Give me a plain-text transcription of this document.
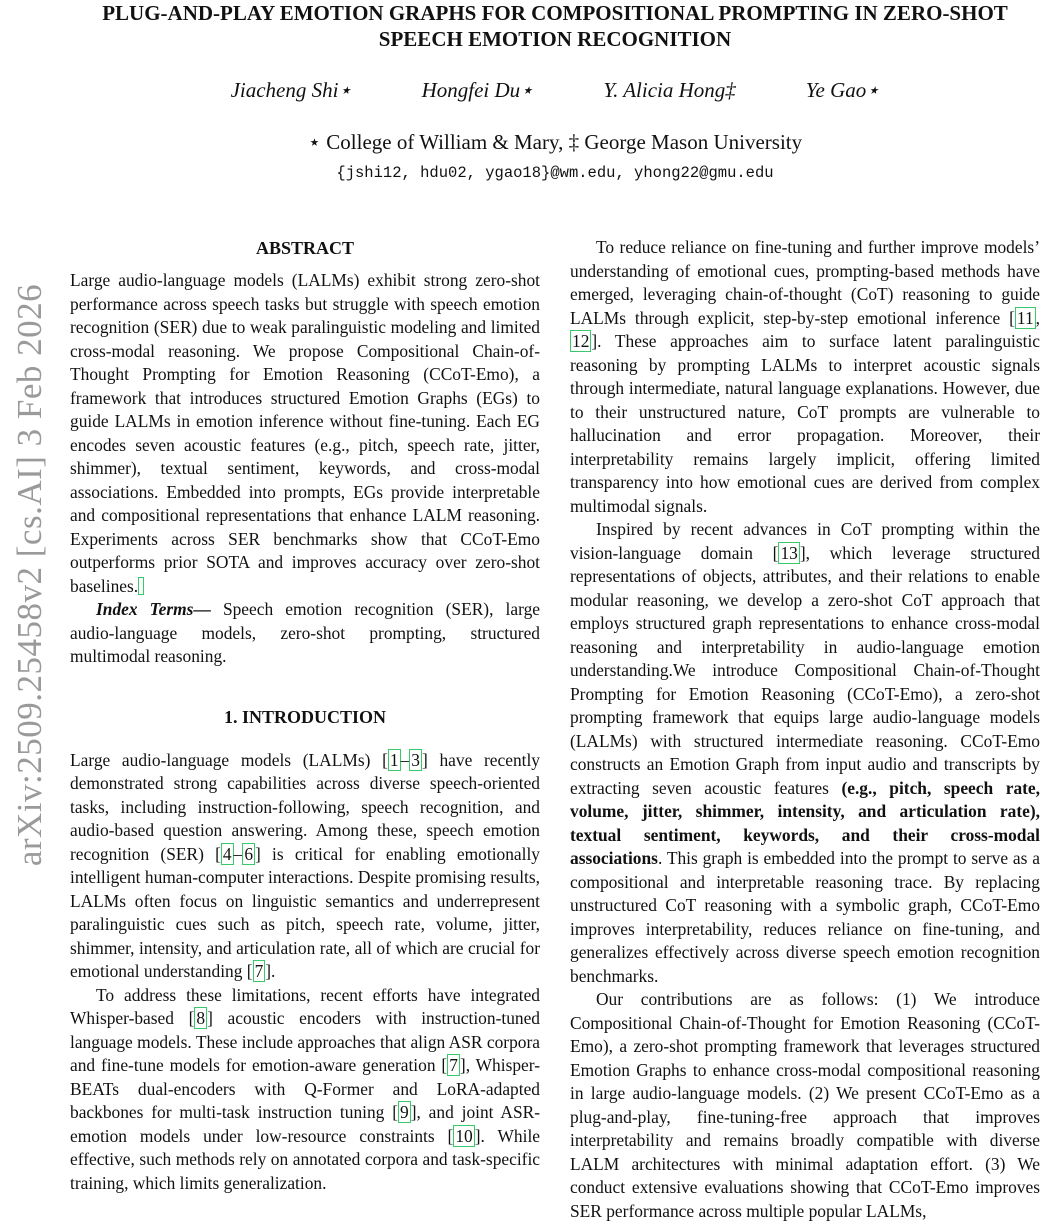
arXiv:2509.25458v2 [cs.AI] 3 Feb 2026
PLUG-AND-PLAY EMOTION GRAPHS FOR COMPOSITIONAL PROMPTING IN ZERO-SHOT
SPEECH EMOTION RECOGNITION
Jiacheng Shi⋆	Hongfei Du⋆	Y. Alicia Hong‡	Ye Gao⋆
⋆ College of William & Mary, ‡ George Mason University
{jshi12, hdu02, ygao18}@wm.edu, yhong22@gmu.edu
ABSTRACT

Large audio-language models (LALMs) exhibit strong zero-shot performance across speech tasks but struggle with speech emotion recognition (SER) due to weak paralinguistic modeling and limited cross-modal reasoning. We propose Compositional Chain-of-Thought Prompting for Emotion Reasoning (CCoT-Emo), a framework that introduces structured Emotion Graphs (EGs) to guide LALMs in emotion inference without fine-tuning. Each EG encodes seven acoustic features (e.g., pitch, speech rate, jitter, shimmer), textual sentiment, keywords, and cross-modal associations. Embedded into prompts, EGs provide interpretable and compositional representations that enhance LALM reasoning. Experiments across SER benchmarks show that CCoT-Emo outperforms prior SOTA and improves accuracy over zero-shot baselines.

Index Terms— Speech emotion recognition (SER), large audio-language models, zero-shot prompting, structured multimodal reasoning.

1. INTRODUCTION

Large audio-language models (LALMs) [ 1 – 3 ] have recently demonstrated strong capabilities across diverse speech-oriented tasks, including instruction-following, speech recognition, and audio-based question answering. Among these, speech emotion recognition (SER) [ 4 – 6 ] is critical for enabling emotionally intelligent human-computer interactions. Despite promising results, LALMs often focus on linguistic semantics and underrepresent paralinguistic cues such as pitch, speech rate, volume, jitter, shimmer, intensity, and articulation rate, all of which are crucial for emotional understanding [ 7 ].

To address these limitations, recent efforts have integrated Whisper-based [ 8 ] acoustic encoders with instruction-tuned language models. These include approaches that align ASR corpora and fine-tune models for emotion-aware generation [ 7 ], Whisper-BEATs dual-encoders with Q-Former and LoRA-adapted backbones for multi-task instruction tuning [ 9 ], and joint ASR-emotion models under low-resource constraints [ 10 ]. While effective, such methods rely on annotated corpora and task-specific training, which limits generalization.

To reduce reliance on fine-tuning and further improve models’ understanding of emotional cues, prompting-based methods have emerged, leveraging chain-of-thought (CoT) reasoning to guide LALMs through explicit, step-by-step emotional inference [ 11 , 12 ]. These approaches aim to surface latent paralinguistic reasoning by prompting LALMs to interpret acoustic signals through intermediate, natural language explanations. However, due to their unstructured nature, CoT prompts are vulnerable to hallucination and error propagation. Moreover, their interpretability remains largely implicit, offering limited transparency into how emotional cues are derived from complex multimodal signals.

Inspired by recent advances in CoT prompting within the vision-language domain [ 13 ], which leverage structured representations of objects, attributes, and their relations to enable modular reasoning, we develop a zero-shot CoT approach that employs structured graph representations to enhance cross-modal reasoning and interpretability in audio-language emotion understanding.We introduce Compositional Chain-of-Thought Prompting for Emotion Reasoning (CCoT-Emo), a zero-shot prompting framework that equips large audio-language models (LALMs) with structured intermediate reasoning. CCoT-Emo constructs an Emotion Graph from input audio and transcripts by extracting seven acoustic features (e.g., pitch, speech rate, volume, jitter, shimmer, intensity, and articulation rate), textual sentiment, keywords, and their cross-modal associations. This graph is embedded into the prompt to serve as a compositional and interpretable reasoning trace. By replacing unstructured CoT reasoning with a symbolic graph, CCoT-Emo improves interpretability, reduces reliance on fine-tuning, and generalizes effectively across diverse speech emotion recognition benchmarks.

Our contributions are as follows: (1) We introduce Compositional Chain-of-Thought for Emotion Reasoning (CCoT-Emo), a zero-shot prompting framework that leverages structured Emotion Graphs to enhance cross-modal compositional reasoning in large audio-language models. (2) We present CCoT-Emo as a plug-and-play, fine-tuning-free approach that improves interpretability and remains broadly compatible with diverse LALM architectures with minimal adaptation effort. (3) We conduct extensive evaluations showing that CCoT-Emo improves SER performance across multiple popular LALMs,
